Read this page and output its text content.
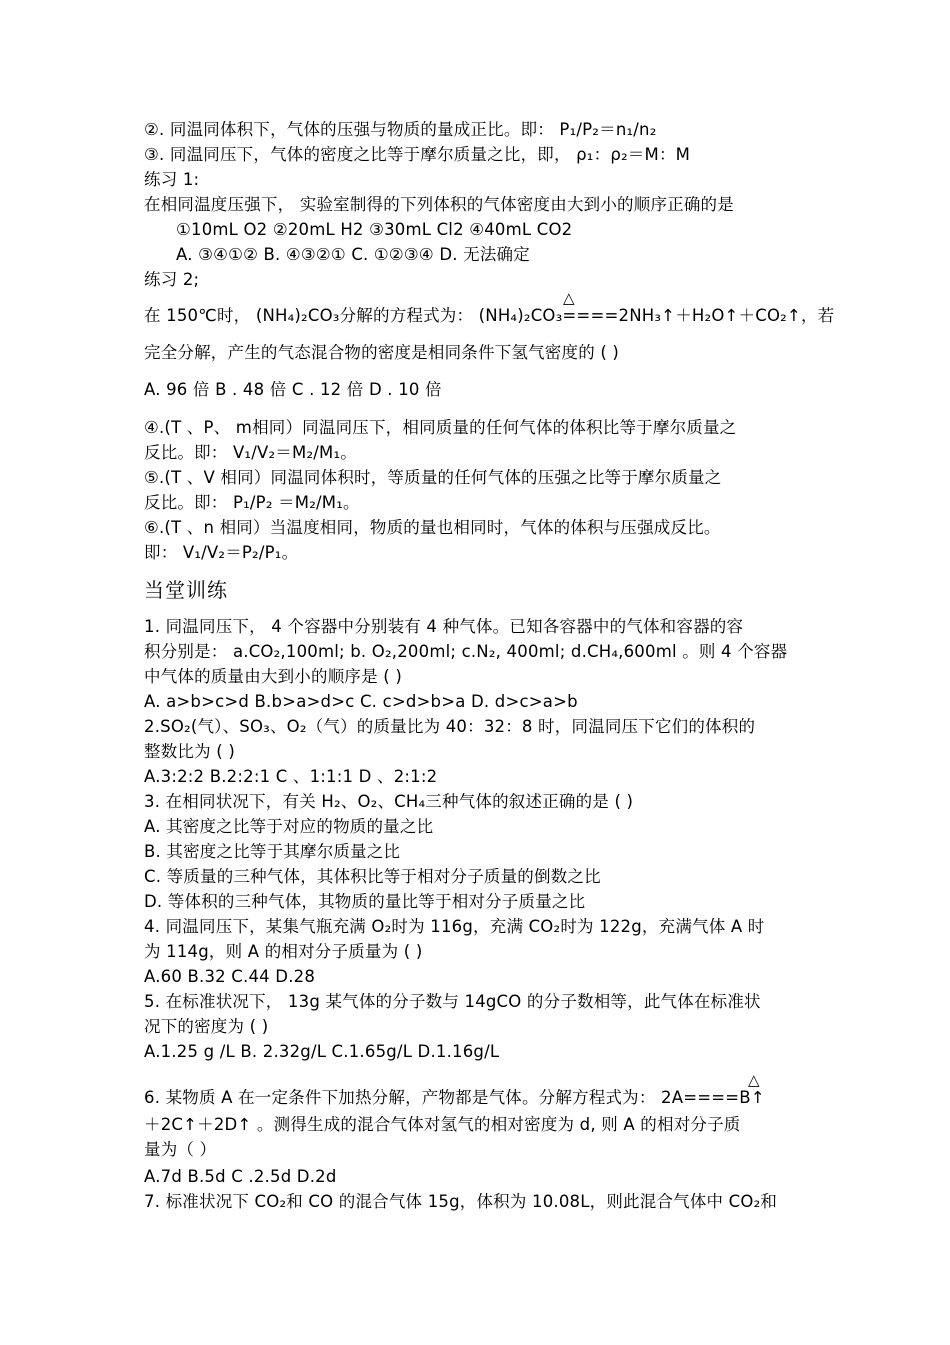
②. 同温同体积下，气体的压强与物质的量成正比。即： P₁/P₂＝n₁/n₂
③. 同温同压下，气体的密度之比等于摩尔质量之比，即， ρ₁：ρ₂＝M：M
练习 1:
在相同温度压强下， 实验室制得的下列体积的气体密度由大到小的顺序正确的是
①10mL O2 ②20mL H2 ③30mL Cl2 ④40mL CO2
A. ③④①② B. ④③②① C. ①②③④ D. 无法确定
练习 2;
△
在 150℃时， (NH₄)₂CO₃分解的方程式为： (NH₄)₂CO₃====2NH₃↑＋H₂O↑＋CO₂↑，若
完全分解，产生的气态混合物的密度是相同条件下氢气密度的 ( )
A. 96 倍 B . 48 倍 C . 12 倍 D . 10 倍
④.(T 、P、 m相同）同温同压下，相同质量的任何气体的体积比等于摩尔质量之
反比。即： V₁/V₂＝M₂/M₁。
⑤.(T 、V 相同）同温同体积时，等质量的任何气体的压强之比等于摩尔质量之
反比。即： P₁/P₂ ＝M₂/M₁。
⑥.(T 、n 相同）当温度相同，物质的量也相同时，气体的体积与压强成反比。
即： V₁/V₂＝P₂/P₁。
当堂训练
1. 同温同压下， 4 个容器中分别装有 4 种气体。已知各容器中的气体和容器的容
积分别是： a.CO₂,100ml; b. O₂,200ml; c.N₂, 400ml; d.CH₄,600ml 。则 4 个容器
中气体的质量由大到小的顺序是 ( )
A. a>b>c>d B.b>a>d>c C. c>d>b>a D. d>c>a>b
2.SO₂(气）、SO₃、O₂（气）的质量比为 40：32：8 时，同温同压下它们的体积的
整数比为 ( )
A.3:2:2 B.2:2:1 C 、1:1:1 D 、2:1:2
3. 在相同状况下，有关 H₂、O₂、CH₄三种气体的叙述正确的是 ( )
A. 其密度之比等于对应的物质的量之比
B. 其密度之比等于其摩尔质量之比
C. 等质量的三种气体，其体积比等于相对分子质量的倒数之比
D. 等体积的三种气体，其物质的量比等于相对分子质量之比
4. 同温同压下，某集气瓶充满 O₂时为 116g，充满 CO₂时为 122g，充满气体 A 时
为 114g，则 A 的相对分子质量为 ( )
A.60 B.32 C.44 D.28
5. 在标准状况下， 13g 某气体的分子数与 14gCO 的分子数相等，此气体在标准状
况下的密度为 ( )
A.1.25 g /L B. 2.32g/L C.1.65g/L D.1.16g/L
△
6. 某物质 A 在一定条件下加热分解，产物都是气体。分解方程式为： 2A====B↑
＋2C↑＋2D↑ 。测得生成的混合气体对氢气的相对密度为 d, 则 A 的相对分子质
量为（ ）
A.7d B.5d C .2.5d D.2d
7. 标准状况下 CO₂和 CO 的混合气体 15g，体积为 10.08L，则此混合气体中 CO₂和
